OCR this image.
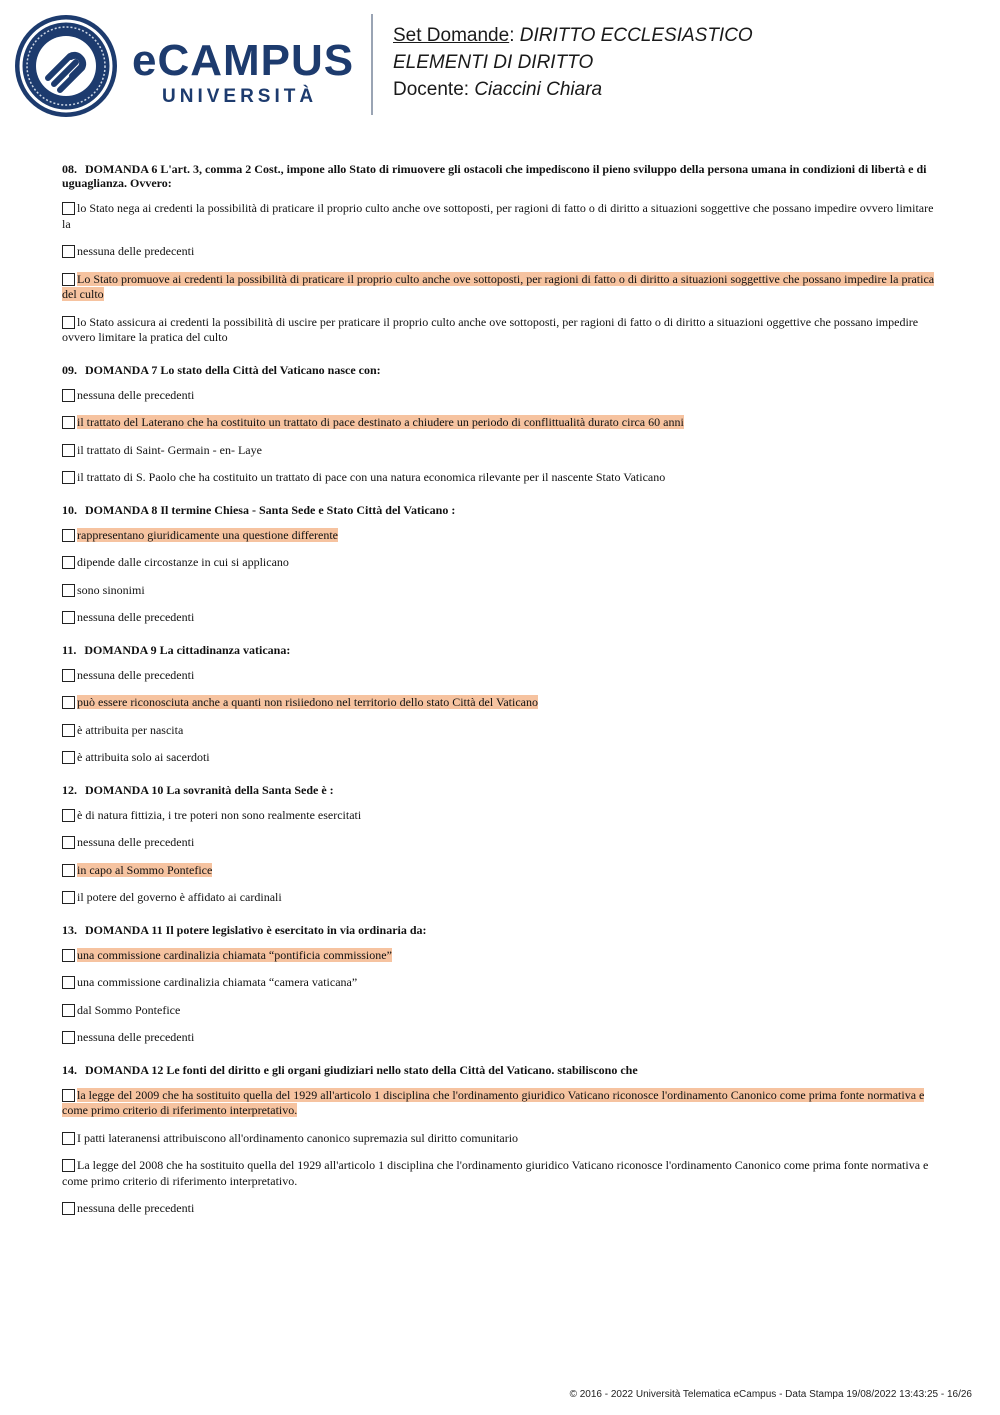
eCAMPUS
UNIVERSITÀ
Set Domande: DIRITTO ECCLESIASTICO
ELEMENTI DI DIRITTO
Docente: Ciaccini Chiara
08. DOMANDA 6 L'art. 3, comma 2 Cost., impone allo Stato di rimuovere gli ostacoli che impediscono il pieno sviluppo della persona umana in condizioni di libertà e di uguaglianza. Ovvero:
lo Stato nega ai credenti la possibilità di praticare il proprio culto anche ove sottoposti, per ragioni di fatto o di diritto a situazioni soggettive che possano impedire ovvero limitare la
nessuna delle predecenti
Lo Stato promuove ai credenti la possibilità di praticare il proprio culto anche ove sottoposti, per ragioni di fatto o di diritto a situazioni soggettive che possano impedire la pratica del culto
lo Stato assicura ai credenti la possibilità di uscire per praticare il proprio culto anche ove sottoposti, per ragioni di fatto o di diritto a situazioni oggettive che possano impedire ovvero limitare la pratica del culto
09. DOMANDA 7 Lo stato della Città del Vaticano nasce con:
nessuna delle precedenti
il trattato del Laterano che ha costituito un trattato di pace destinato a chiudere un periodo di conflittualità durato circa 60 anni
il trattato di Saint- Germain - en- Laye
il trattato di S. Paolo che ha costituito un trattato di pace con una natura economica rilevante per il nascente Stato Vaticano
10. DOMANDA 8 Il termine Chiesa - Santa Sede e Stato Città del Vaticano :
rappresentano giuridicamente una questione differente
dipende dalle circostanze in cui si applicano
sono sinonimi
nessuna delle precedenti
11. DOMANDA 9 La cittadinanza vaticana:
nessuna delle precedenti
può essere riconosciuta anche a quanti non risiiedono nel territorio dello stato Città del Vaticano
è attribuita per nascita
è attribuita solo ai sacerdoti
12. DOMANDA 10 La sovranità della Santa Sede è :
è di natura fittizia, i tre poteri non sono realmente esercitati
nessuna delle precedenti
in capo al Sommo Pontefice
il potere del governo è affidato ai cardinali
13. DOMANDA 11 Il potere legislativo è esercitato in via ordinaria da:
una commissione cardinalizia chiamata “pontificia commissione”
una commissione cardinalizia chiamata “camera vaticana”
dal Sommo Pontefice
nessuna delle precedenti
14. DOMANDA 12 Le fonti del diritto e gli organi giudiziari nello stato della Città del Vaticano. stabiliscono che
la legge del 2009 che ha sostituito quella del 1929 all'articolo 1 disciplina che l'ordinamento giuridico Vaticano riconosce l'ordinamento Canonico come prima fonte normativa e come primo criterio di riferimento interpretativo.
I patti lateranensi attribuiscono all'ordinamento canonico supremazia sul diritto comunitario
La legge del 2008 che ha sostituito quella del 1929 all'articolo 1 disciplina che l'ordinamento giuridico Vaticano riconosce l'ordinamento Canonico come prima fonte normativa e come primo criterio di riferimento interpretativo.
nessuna delle precedenti
© 2016 - 2022 Università Telematica eCampus - Data Stampa 19/08/2022 13:43:25 - 16/26
